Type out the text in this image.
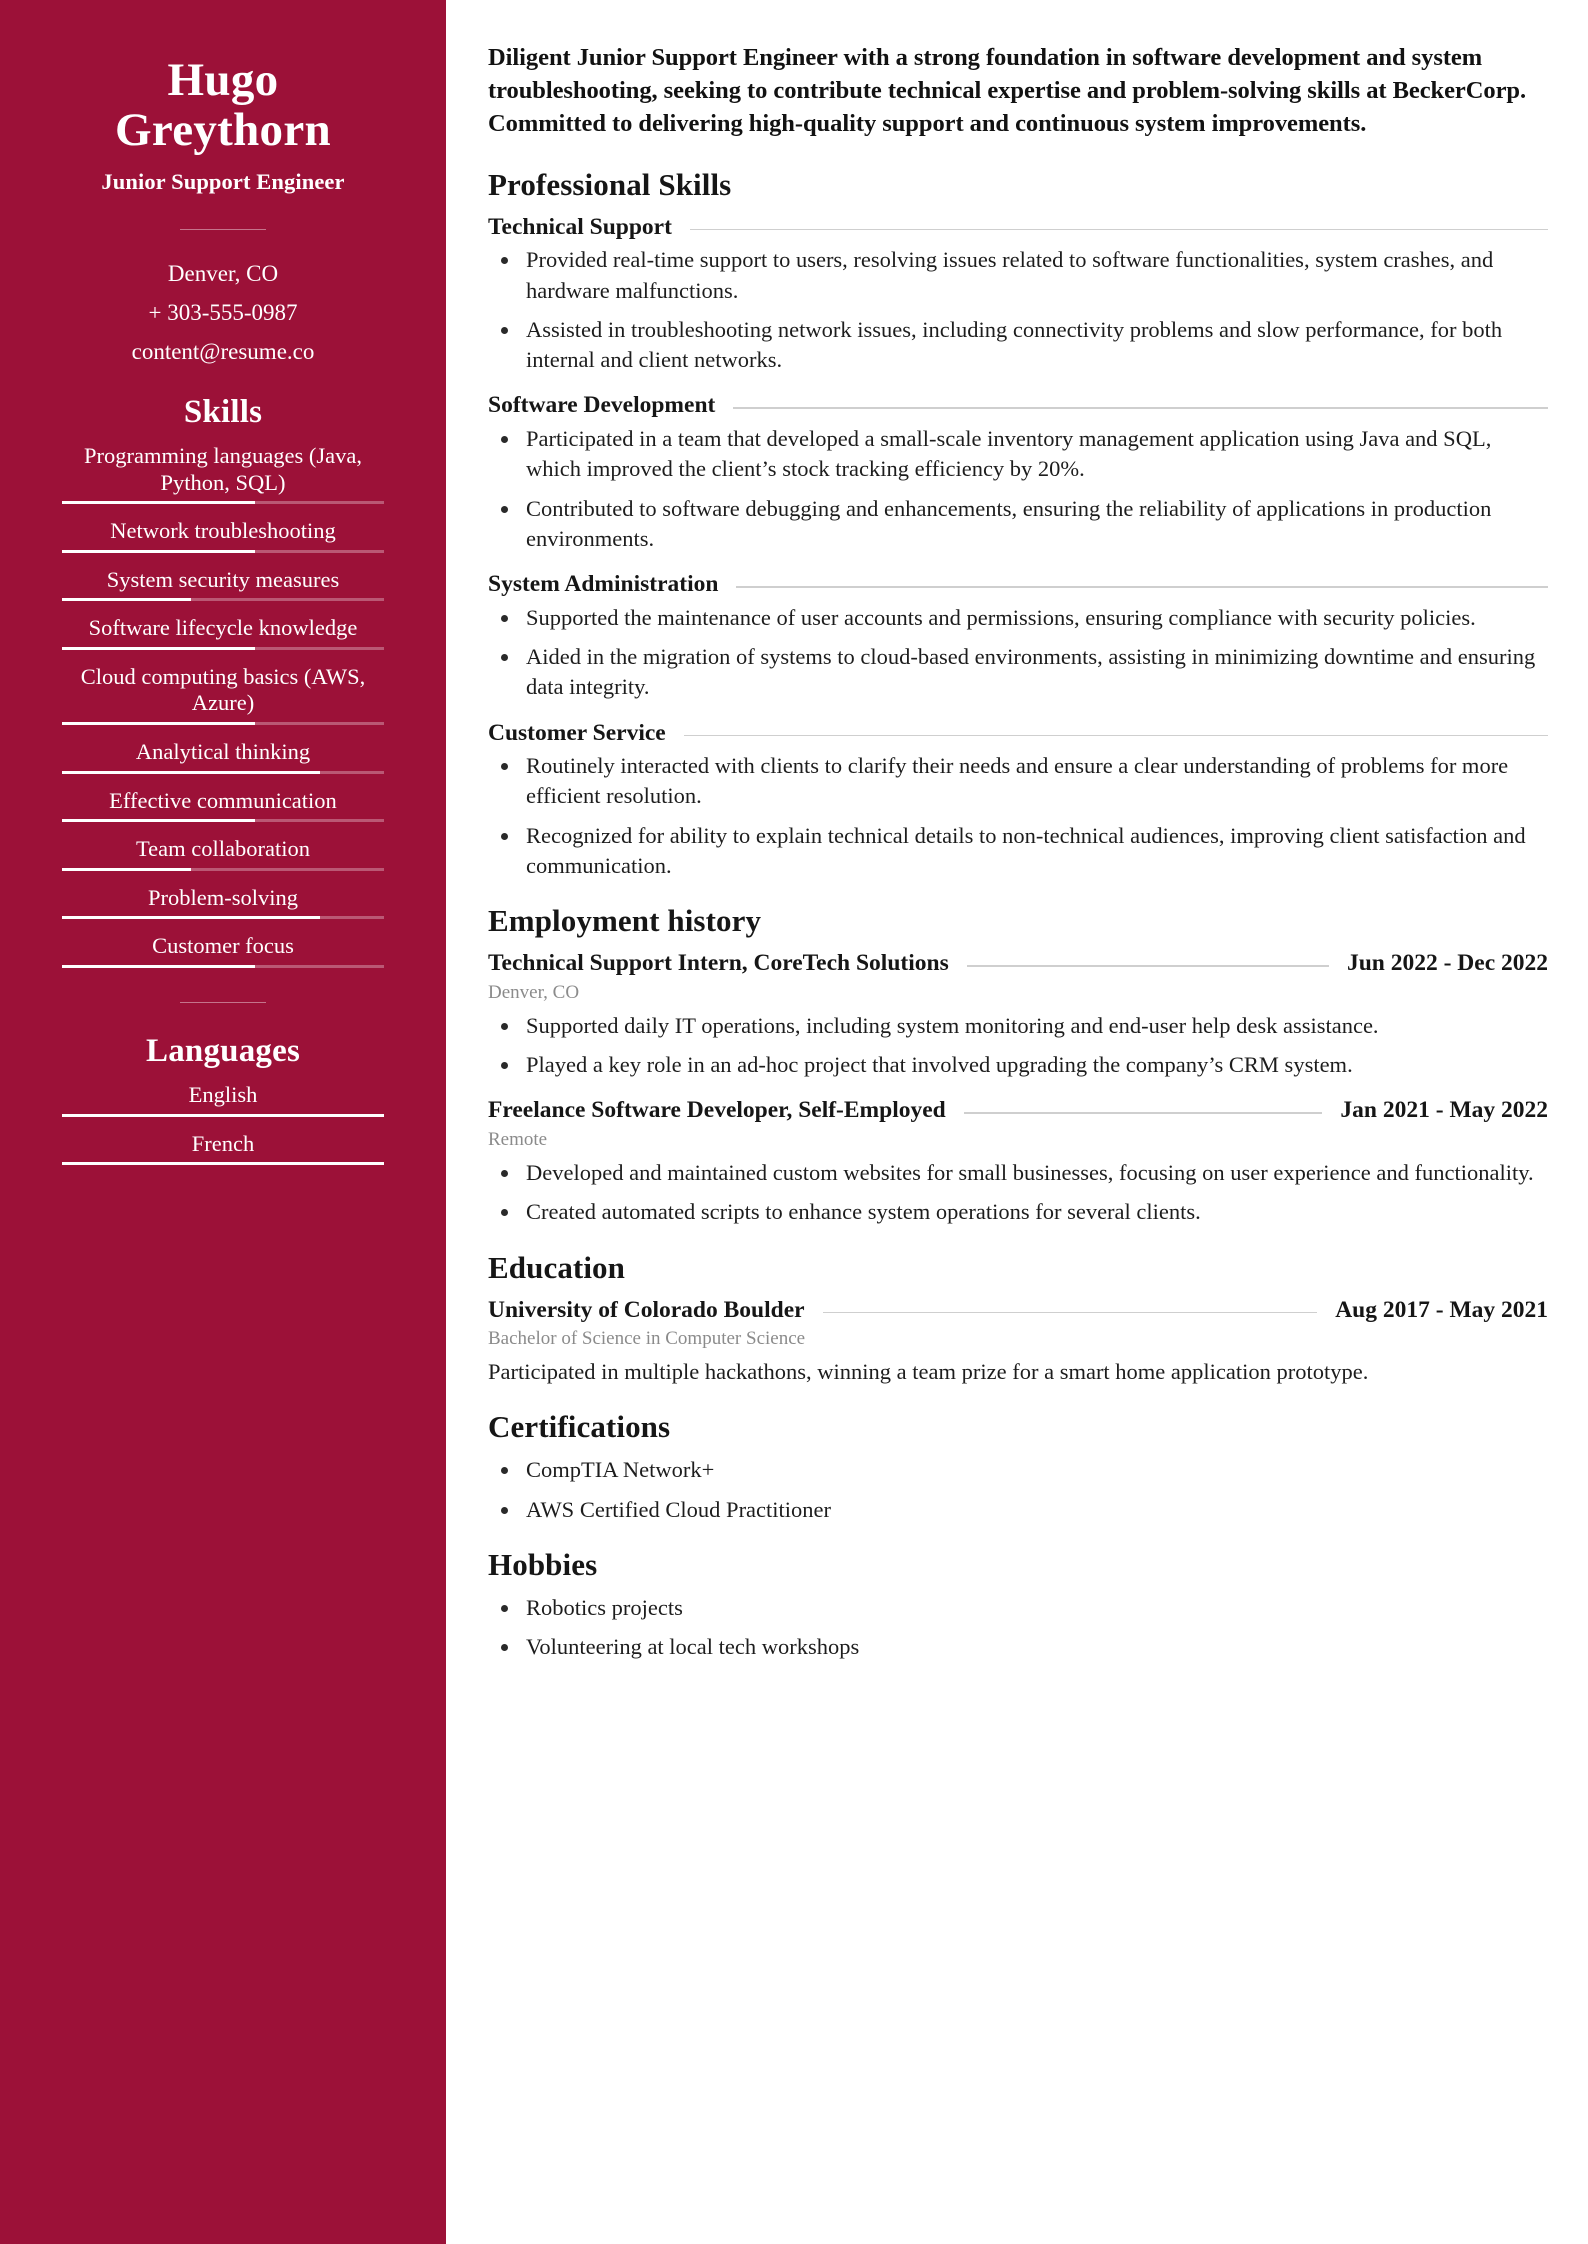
Hugo
Greythorn
Junior Support Engineer
Denver, CO
+ 303-555-0987
content@resume.co
Skills
Programming languages (Java, Python, SQL)
Network troubleshooting
System security measures
Software lifecycle knowledge
Cloud computing basics (AWS, Azure)
Analytical thinking
Effective communication
Team collaboration
Problem-solving
Customer focus
Languages
English
French

Diligent Junior Support Engineer with a strong foundation in software development and system troubleshooting, seeking to contribute technical expertise and problem-solving skills at BeckerCorp. Committed to delivering high-quality support and continuous system improvements.

Professional Skills
Technical Support
Provided real-time support to users, resolving issues related to software functionalities, system crashes, and hardware malfunctions.
Assisted in troubleshooting network issues, including connectivity problems and slow performance, for both internal and client networks.
Software Development
Participated in a team that developed a small-scale inventory management application using Java and SQL, which improved the client’s stock tracking efficiency by 20%.
Contributed to software debugging and enhancements, ensuring the reliability of applications in production environments.
System Administration
Supported the maintenance of user accounts and permissions, ensuring compliance with security policies.
Aided in the migration of systems to cloud-based environments, assisting in minimizing downtime and ensuring data integrity.
Customer Service
Routinely interacted with clients to clarify their needs and ensure a clear understanding of problems for more efficient resolution.
Recognized for ability to explain technical details to non-technical audiences, improving client satisfaction and communication.
Employment history
Technical Support Intern, CoreTech Solutions	Jun 2022 - Dec 2022
Denver, CO
Supported daily IT operations, including system monitoring and end-user help desk assistance.
Played a key role in an ad-hoc project that involved upgrading the company’s CRM system.
Freelance Software Developer, Self-Employed	Jan 2021 - May 2022
Remote
Developed and maintained custom websites for small businesses, focusing on user experience and functionality.
Created automated scripts to enhance system operations for several clients.
Education
University of Colorado Boulder	Aug 2017 - May 2021
Bachelor of Science in Computer Science
Participated in multiple hackathons, winning a team prize for a smart home application prototype.
Certifications
CompTIA Network+
AWS Certified Cloud Practitioner
Hobbies
Robotics projects
Volunteering at local tech workshops
